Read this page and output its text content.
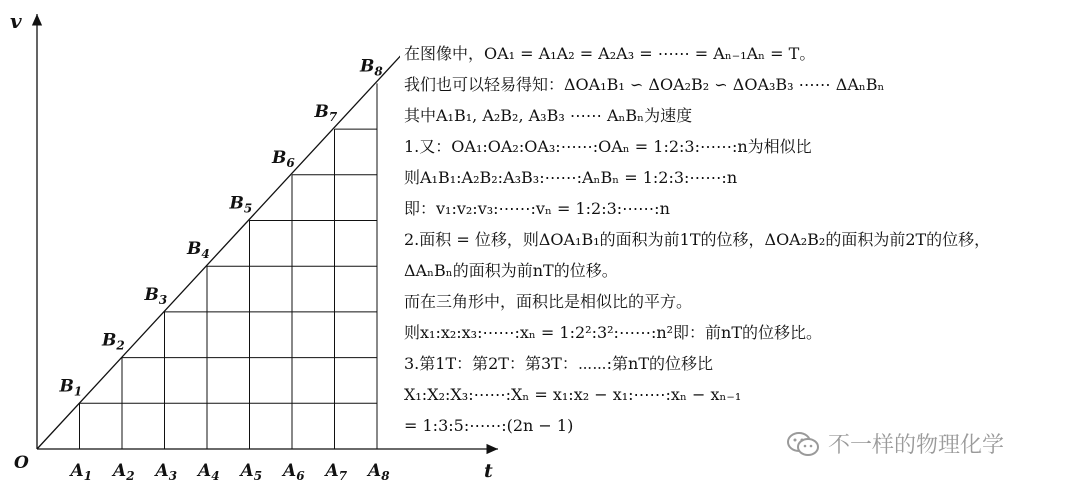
v
O $A_1$ $A_2$ $A_3$ $A_4$ $A_5$ $A_6$ $A_7$ $A_8$
$B_1$
$B_2$
$B_3$
$B_4$
$B_5$
$B_6$
$B_7$
$B_8$
t
在图像中，OA₁ = A₁A₂ = A₂A₃ = ⋯⋯ = Aₙ₋₁Aₙ = T。
我们也可以轻易得知：ΔOA₁B₁ ∽ ΔOA₂B₂ ∽ ΔOA₃B₃ ⋯⋯ ΔAₙBₙ
其中A₁B₁, A₂B₂, A₃B₃ ⋯⋯ AₙBₙ为速度
1.又：OA₁:OA₂:OA₃:⋯⋯:OAₙ = 1:2:3:⋯⋯:n为相似比
则A₁B₁:A₂B₂:A₃B₃:⋯⋯:AₙBₙ = 1:2:3:⋯⋯:n
即：v₁:v₂:v₃:⋯⋯:vₙ = 1:2:3:⋯⋯:n
2.面积 = 位移，则ΔOA₁B₁的面积为前1T的位移，ΔOA₂B₂的面积为前2T的位移，
ΔAₙBₙ的面积为前nT的位移。
而在三角形中，面积比是相似比的平方。
则x₁:x₂:x₃:⋯⋯:xₙ = 1:2²:3²:⋯⋯:n²即：前nT的位移比。
3.第1T：第2T：第3T：⋯⋯:第nT的位移比
X₁:X₂:X₃:⋯⋯:Xₙ = x₁:x₂ − x₁:⋯⋯:xₙ − xₙ₋₁
= 1:3:5:⋯⋯:(2n − 1)
不一样的物理化学
